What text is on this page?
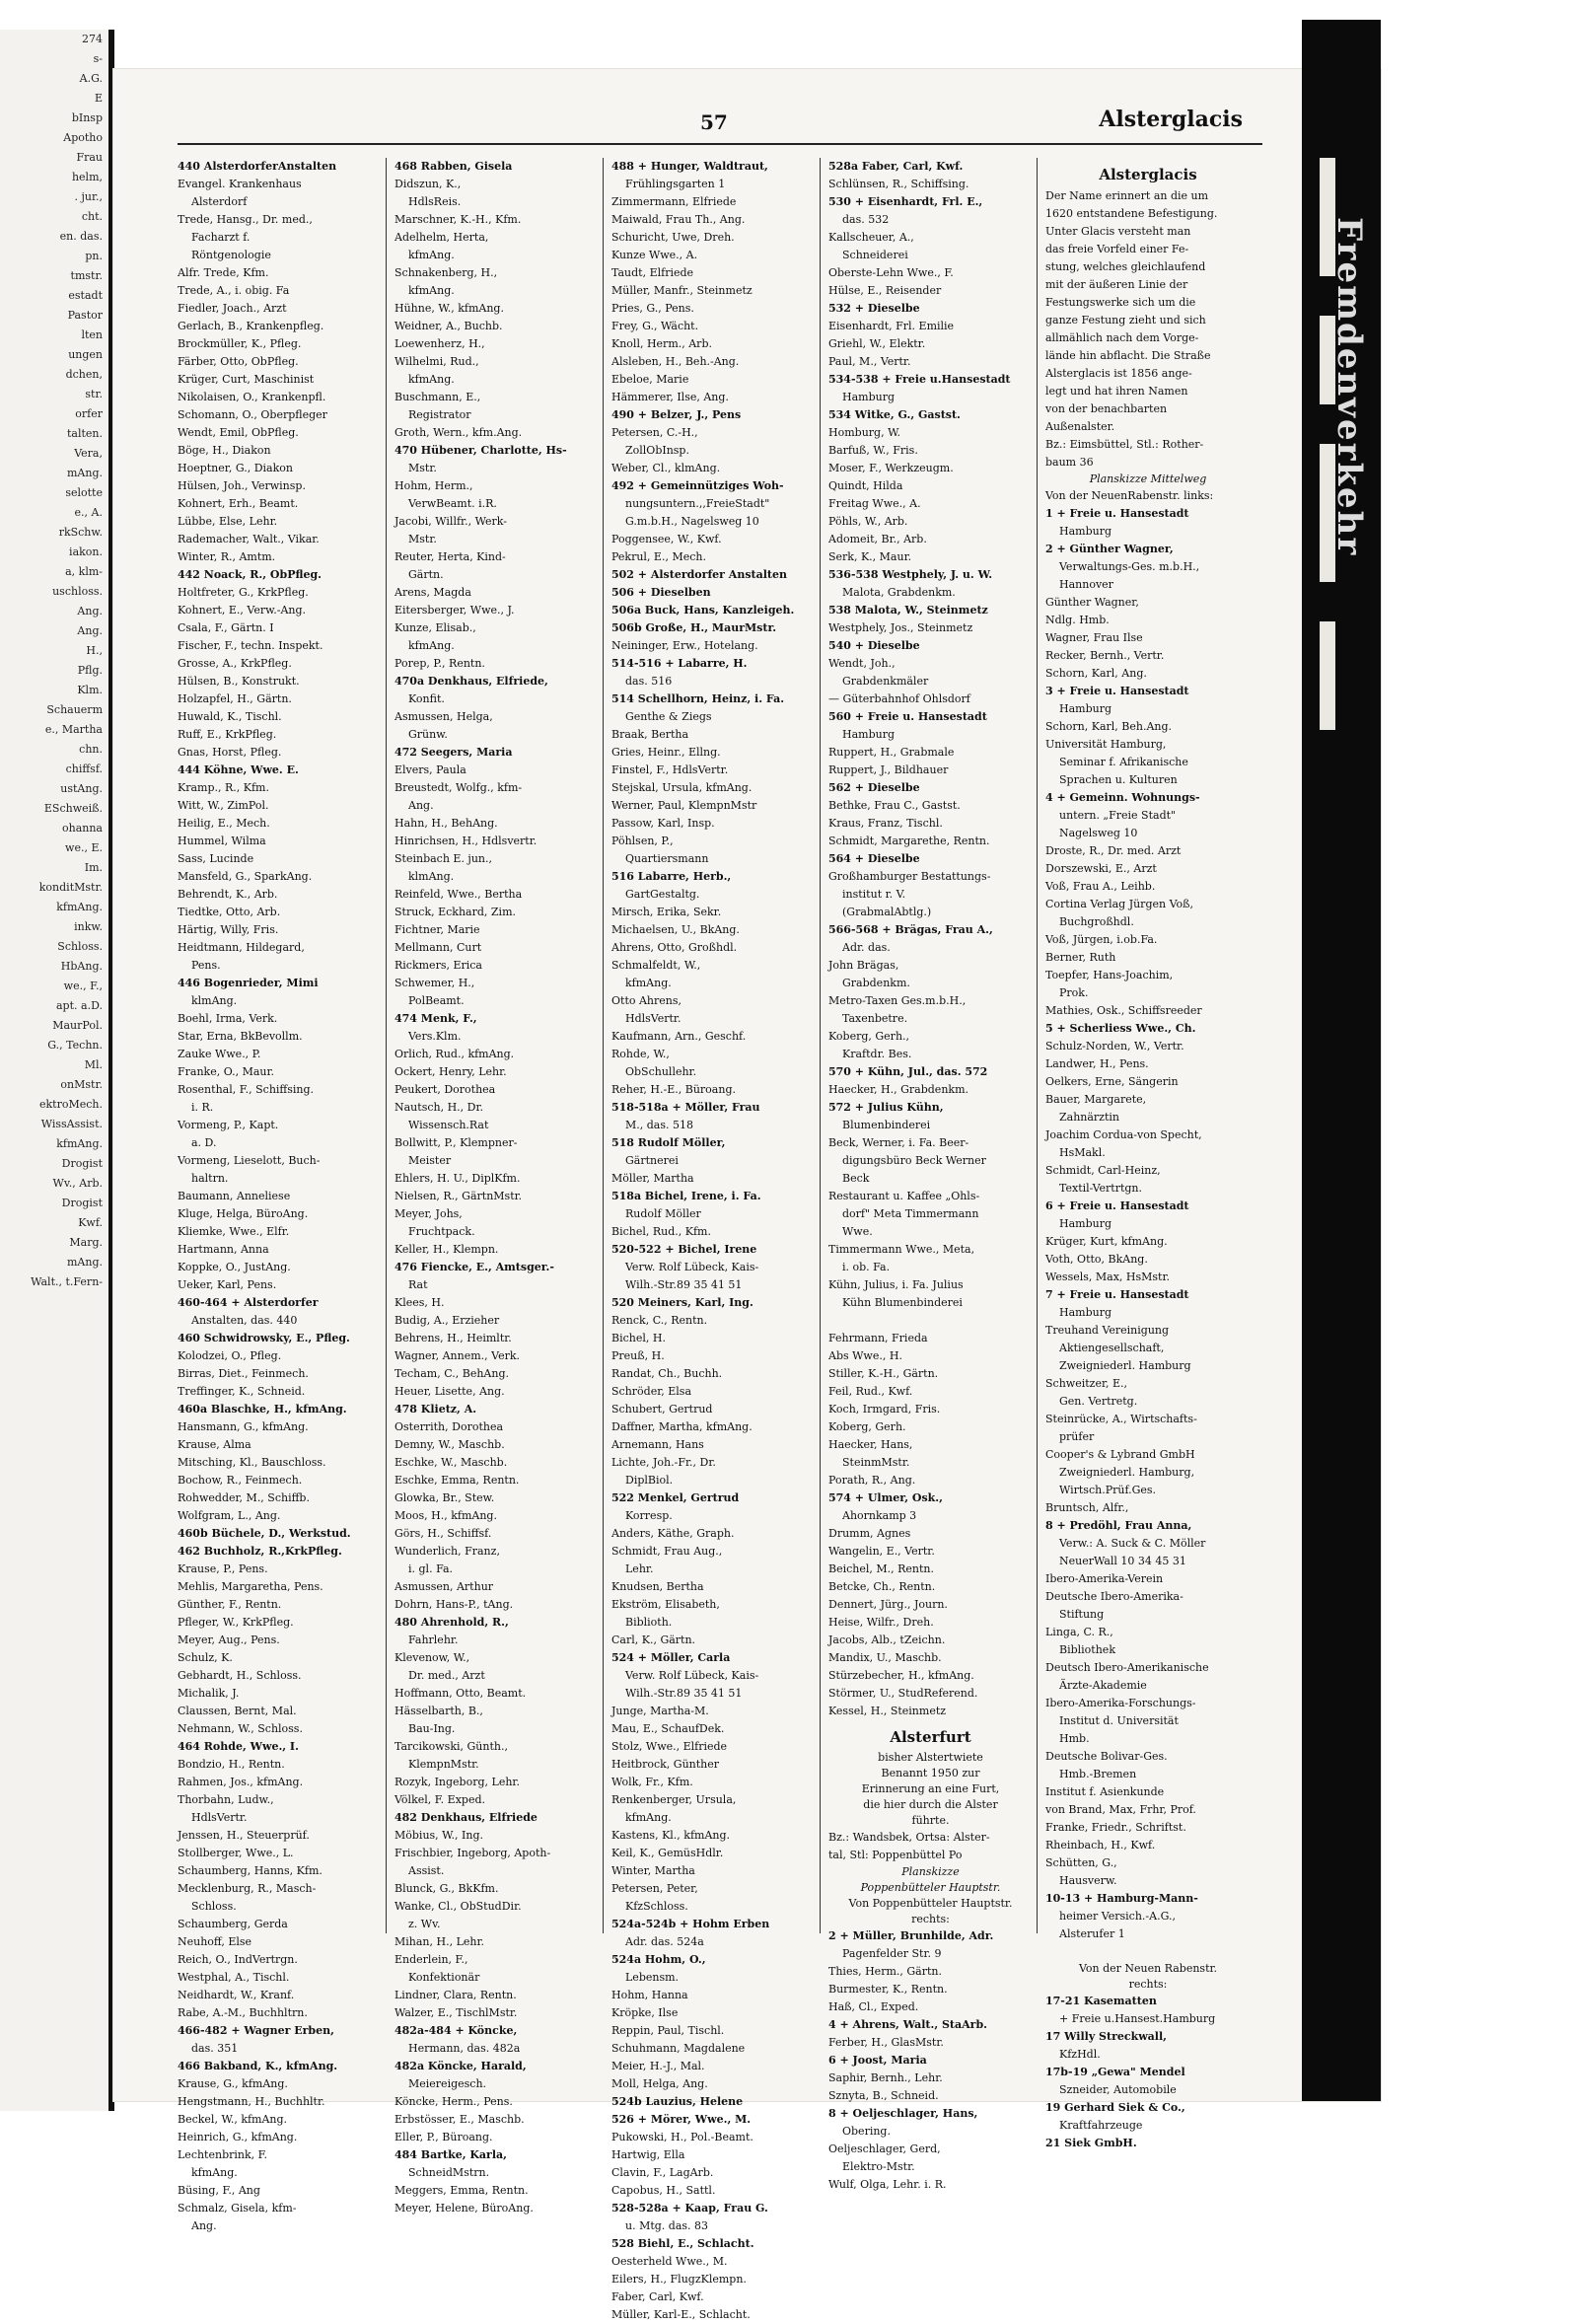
274
s-
A.G.
E
bInsp
Apotho
Frau
helm,
. jur.,
cht.
en. das.
pn.
tmstr.
estadt
Pastor
lten
ungen
dchen,
str.
orfer
talten.
Vera,
mAng.
selotte
e., A.
rkSchw.
iakon.
a, klm-
uschloss.
Ang.
Ang.
H.,
Pflg.
Klm.
Schauerm
e., Martha
chn.
chiffsf.
ustAng.
ESchweiß.
ohanna
we., E.
Im.
konditMstr.
kfmAng.
inkw.
Schloss.
HbAng.
we., F.,
apt. a.D.
MaurPol.
G., Techn.
Ml.
onMstr.
ektroMech.
WissAssist.
kfmAng.
Drogist
Wv., Arb.
Drogist
Kwf.
Marg.
mAng.
Walt., t.Fern-
Fremdenverkehr
57	Alsterglacis
440 AlsterdorferAnstalten
Evangel. Krankenhaus
Alsterdorf
Trede, Hansg., Dr. med.,
Facharzt f.
Röntgenologie
Alfr. Trede, Kfm.
Trede, A., i. obig. Fa
Fiedler, Joach., Arzt
Gerlach, B., Krankenpfleg.
Brockmüller, K., Pfleg.
Färber, Otto, ObPfleg.
Krüger, Curt, Maschinist
Nikolaisen, O., Krankenpfl.
Schomann, O., Oberpfleger
Wendt, Emil, ObPfleg.
Böge, H., Diakon
Hoeptner, G., Diakon
Hülsen, Joh., Verwinsp.
Kohnert, Erh., Beamt.
Lübbe, Else, Lehr.
Rademacher, Walt., Vikar.
Winter, R., Amtm.
442 Noack, R., ObPfleg.
Holtfreter, G., KrkPfleg.
Kohnert, E., Verw.-Ang.
Csala, F., Gärtn. I
Fischer, F., techn. Inspekt.
Grosse, A., KrkPfleg.
Hülsen, B., Konstrukt.
Holzapfel, H., Gärtn.
Huwald, K., Tischl.
Ruff, E., KrkPfleg.
Gnas, Horst, Pfleg.
444 Köhne, Wwe. E.
Kramp., R., Kfm.
Witt, W., ZimPol.
Heilig, E., Mech.
Hummel, Wilma
Sass, Lucinde
Mansfeld, G., SparkAng.
Behrendt, K., Arb.
Tiedtke, Otto, Arb.
Härtig, Willy, Fris.
Heidtmann, Hildegard,
Pens.
446 Bogenrieder, Mimi
klmAng.
Boehl, Irma, Verk.
Star, Erna, BkBevollm.
Zauke Wwe., P.
Franke, O., Maur.
Rosenthal, F., Schiffsing.
i. R.
Vormeng, P., Kapt.
a. D.
Vormeng, Lieselott, Buch-
haltrn.
Baumann, Anneliese
Kluge, Helga, BüroAng.
Kliemke, Wwe., Elfr.
Hartmann, Anna
Koppke, O., JustAng.
Ueker, Karl, Pens.
460-464 + Alsterdorfer
Anstalten, das. 440
460 Schwidrowsky, E., Pfleg.
Kolodzei, O., Pfleg.
Birras, Diet., Feinmech.
Treffinger, K., Schneid.
460a Blaschke, H., kfmAng.
Hansmann, G., kfmAng.
Krause, Alma
Mitsching, Kl., Bauschloss.
Bochow, R., Feinmech.
Rohwedder, M., Schiffb.
Wolfgram, L., Ang.
460b Büchele, D., Werkstud.
462 Buchholz, R.,KrkPfleg.
Krause, P., Pens.
Mehlis, Margaretha, Pens.
Günther, F., Rentn.
Pfleger, W., KrkPfleg.
Meyer, Aug., Pens.
Schulz, K.
Gebhardt, H., Schloss.
Michalik, J.
Claussen, Bernt, Mal.
Nehmann, W., Schloss.
464 Rohde, Wwe., I.
Bondzio, H., Rentn.
Rahmen, Jos., kfmAng.
Thorbahn, Ludw.,
HdlsVertr.
Jenssen, H., Steuerprüf.
Stollberger, Wwe., L.
Schaumberg, Hanns, Kfm.
Mecklenburg, R., Masch-
Schloss.
Schaumberg, Gerda
Neuhoff, Else
Reich, O., IndVertrgn.
Westphal, A., Tischl.
Neidhardt, W., Kranf.
Rabe, A.-M., Buchhltrn.
466-482 + Wagner Erben,
das. 351
466 Bakband, K., kfmAng.
Krause, G., kfmAng.
Hengstmann, H., Buchhltr.
Beckel, W., kfmAng.
Heinrich, G., kfmAng.
Lechtenbrink, F.
kfmAng.
Büsing, F., Ang
Schmalz, Gisela, kfm-
Ang.
468 Rabben, Gisela
Didszun, K.,
HdlsReis.
Marschner, K.-H., Kfm.
Adelhelm, Herta,
kfmAng.
Schnakenberg, H.,
kfmAng.
Hühne, W., kfmAng.
Weidner, A., Buchb.
Loewenherz, H.,
Wilhelmi, Rud.,
kfmAng.
Buschmann, E.,
Registrator
Groth, Wern., kfm.Ang.
470 Hübener, Charlotte, Hs-
Mstr.
Hohm, Herm.,
VerwBeamt. i.R.
Jacobi, Willfr., Werk-
Mstr.
Reuter, Herta, Kind-
Gärtn.
Arens, Magda
Eitersberger, Wwe., J.
Kunze, Elisab.,
kfmAng.
Porep, P., Rentn.
470a Denkhaus, Elfriede,
Konfit.
Asmussen, Helga,
Grünw.
472 Seegers, Maria
Elvers, Paula
Breustedt, Wolfg., kfm-
Ang.
Hahn, H., BehAng.
Hinrichsen, H., Hdlsvertr.
Steinbach E. jun.,
klmAng.
Reinfeld, Wwe., Bertha
Struck, Eckhard, Zim.
Fichtner, Marie
Mellmann, Curt
Rickmers, Erica
Schwemer, H.,
PolBeamt.
474 Menk, F.,
Vers.Klm.
Orlich, Rud., kfmAng.
Ockert, Henry, Lehr.
Peukert, Dorothea
Nautsch, H., Dr.
Wissensch.Rat
Bollwitt, P., Klempner-
Meister
Ehlers, H. U., DiplKfm.
Nielsen, R., GärtnMstr.
Meyer, Johs,
Fruchtpack.
Keller, H., Klempn.
476 Fiencke, E., Amtsger.-
Rat
Klees, H.
Budig, A., Erzieher
Behrens, H., Heimltr.
Wagner, Annem., Verk.
Techam, C., BehAng.
Heuer, Lisette, Ang.
478 Klietz, A.
Osterrith, Dorothea
Demny, W., Maschb.
Eschke, W., Maschb.
Eschke, Emma, Rentn.
Glowka, Br., Stew.
Moos, H., kfmAng.
Görs, H., Schiffsf.
Wunderlich, Franz,
i. gl. Fa.
Asmussen, Arthur
Dohrn, Hans-P., tAng.
480 Ahrenhold, R.,
Fahrlehr.
Klevenow, W.,
Dr. med., Arzt
Hoffmann, Otto, Beamt.
Hässelbarth, B.,
Bau-Ing.
Tarcikowski, Günth.,
KlempnMstr.
Rozyk, Ingeborg, Lehr.
Völkel, F. Exped.
482 Denkhaus, Elfriede
Möbius, W., Ing.
Frischbier, Ingeborg, Apoth-
Assist.
Blunck, G., BkKfm.
Wanke, Cl., ObStudDir.
z. Wv.
Mihan, H., Lehr.
Enderlein, F.,
Konfektionär
Lindner, Clara, Rentn.
Walzer, E., TischlMstr.
482a-484 + Köncke,
Hermann, das. 482a
482a Köncke, Harald,
Meiereigesch.
Köncke, Herm., Pens.
Erbstösser, E., Maschb.
Eller, P., Büroang.
484 Bartke, Karla,
SchneidMstrn.
Meggers, Emma, Rentn.
Meyer, Helene, BüroAng.
488 + Hunger, Waldtraut,
Frühlingsgarten 1
Zimmermann, Elfriede
Maiwald, Frau Th., Ang.
Schuricht, Uwe, Dreh.
Kunze Wwe., A.
Taudt, Elfriede
Müller, Manfr., Steinmetz
Pries, G., Pens.
Frey, G., Wächt.
Knoll, Herm., Arb.
Alsleben, H., Beh.-Ang.
Ebeloe, Marie
Hämmerer, Ilse, Ang.
490 + Belzer, J., Pens
Petersen, C.-H.,
ZollObInsp.
Weber, Cl., klmAng.
492 + Gemeinnütziges Woh-
nungsuntern.,,FreieStadt"
G.m.b.H., Nagelsweg 10
Poggensee, W., Kwf.
Pekrul, E., Mech.
502 + Alsterdorfer Anstalten
506 + Dieselben
506a Buck, Hans, Kanzleigeh.
506b Große, H., MaurMstr.
Neininger, Erw., Hotelang.
514-516 + Labarre, H.
das. 516
514 Schellhorn, Heinz, i. Fa.
Genthe & Ziegs
Braak, Bertha
Gries, Heinr., Ellng.
Finstel, F., HdlsVertr.
Stejskal, Ursula, kfmAng.
Werner, Paul, KlempnMstr
Passow, Karl, Insp.
Pöhlsen, P.,
Quartiersmann
516 Labarre, Herb.,
GartGestaltg.
Mirsch, Erika, Sekr.
Michaelsen, U., BkAng.
Ahrens, Otto, Großhdl.
Schmalfeldt, W.,
kfmAng.
Otto Ahrens,
HdlsVertr.
Kaufmann, Arn., Geschf.
Rohde, W.,
ObSchullehr.
Reher, H.-E., Büroang.
518-518a + Möller, Frau
M., das. 518
518 Rudolf Möller,
Gärtnerei
Möller, Martha
518a Bichel, Irene, i. Fa.
Rudolf Möller
Bichel, Rud., Kfm.
520-522 + Bichel, Irene
Verw. Rolf Lübeck, Kais-
Wilh.-Str.89 35 41 51
520 Meiners, Karl, Ing.
Renck, C., Rentn.
Bichel, H.
Preuß, H.
Randat, Ch., Buchh.
Schröder, Elsa
Schubert, Gertrud
Daffner, Martha, kfmAng.
Arnemann, Hans
Lichte, Joh.-Fr., Dr.
DiplBiol.
522 Menkel, Gertrud
Korresp.
Anders, Käthe, Graph.
Schmidt, Frau Aug.,
Lehr.
Knudsen, Bertha
Ekström, Elisabeth,
Biblioth.
Carl, K., Gärtn.
524 + Möller, Carla
Verw. Rolf Lübeck, Kais-
Wilh.-Str.89 35 41 51
Junge, Martha-M.
Mau, E., SchaufDek.
Stolz, Wwe., Elfriede
Heitbrock, Günther
Wolk, Fr., Kfm.
Renkenberger, Ursula,
kfmAng.
Kastens, Kl., kfmAng.
Keil, K., GemüsHdlr.
Winter, Martha
Petersen, Peter,
KfzSchloss.
524a-524b + Hohm Erben
Adr. das. 524a
524a Hohm, O.,
Lebensm.
Hohm, Hanna
Kröpke, Ilse
Reppin, Paul, Tischl.
Schuhmann, Magdalene
Meier, H.-J., Mal.
Moll, Helga, Ang.
524b Lauzius, Helene
526 + Mörer, Wwe., M.
Pukowski, H., Pol.-Beamt.
Hartwig, Ella
Clavin, F., LagArb.
Capobus, H., Sattl.
528-528a + Kaap, Frau G.
u. Mtg. das. 83
528 Biehl, E., Schlacht.
Oesterheld Wwe., M.
Eilers, H., FlugzKlempn.
Faber, Carl, Kwf.
Müller, Karl-E., Schlacht.
528a Faber, Carl, Kwf.
Schlünsen, R., Schiffsing.
530 + Eisenhardt, Frl. E.,
das. 532
Kallscheuer, A.,
Schneiderei
Oberste-Lehn Wwe., F.
Hülse, E., Reisender
532 + Dieselbe
Eisenhardt, Frl. Emilie
Griehl, W., Elektr.
Paul, M., Vertr.
534-538 + Freie u.Hansestadt
Hamburg
534 Witke, G., Gastst.
Homburg, W.
Barfuß, W., Fris.
Moser, F., Werkzeugm.
Quindt, Hilda
Freitag Wwe., A.
Pöhls, W., Arb.
Adomeit, Br., Arb.
Serk, K., Maur.
536-538 Westphely, J. u. W.
Malota, Grabdenkm.
538 Malota, W., Steinmetz
Westphely, Jos., Steinmetz
540 + Dieselbe
Wendt, Joh.,
Grabdenkmäler
— Güterbahnhof Ohlsdorf
560 + Freie u. Hansestadt
Hamburg
Ruppert, H., Grabmale
Ruppert, J., Bildhauer
562 + Dieselbe
Bethke, Frau C., Gastst.
Kraus, Franz, Tischl.
Schmidt, Margarethe, Rentn.
564 + Dieselbe
Großhamburger Bestattungs-
institut r. V.
(GrabmalAbtlg.)
566-568 + Brägas, Frau A.,
Adr. das.
John Brägas,
Grabdenkm.
Metro-Taxen Ges.m.b.H.,
Taxenbetre.
Koberg, Gerh.,
Kraftdr. Bes.
570 + Kühn, Jul., das. 572
Haecker, H., Grabdenkm.
572 + Julius Kühn,
Blumenbinderei
Beck, Werner, i. Fa. Beer-
digungsbüro Beck Werner
Beck
Restaurant u. Kaffee „Ohls-
dorf" Meta Timmermann
Wwe.
Timmermann Wwe., Meta,
i. ob. Fa.
Kühn, Julius, i. Fa. Julius
Kühn Blumenbinderei

Fehrmann, Frieda
Abs Wwe., H.
Stiller, K.-H., Gärtn.
Feil, Rud., Kwf.
Koch, Irmgard, Fris.
Koberg, Gerh.
Haecker, Hans,
SteinmMstr.
Porath, R., Ang.
574 + Ulmer, Osk.,
Ahornkamp 3
Drumm, Agnes
Wangelin, E., Vertr.
Beichel, M., Rentn.
Betcke, Ch., Rentn.
Dennert, Jürg., Journ.
Heise, Wilfr., Dreh.
Jacobs, Alb., tZeichn.
Mandix, U., Maschb.
Stürzebecher, H., kfmAng.
Störmer, U., StudReferend.
Kessel, H., Steinmetz
Alsterfurt
bisher Alstertwiete
Benannt 1950 zur
Erinnerung an eine Furt,
die hier durch die Alster
führte.
Bz.: Wandsbek, Ortsa: Alster-
tal, Stl: Poppenbüttel Po
Planskizze
Poppenbütteler Hauptstr.
Von Poppenbütteler Hauptstr.
rechts:
2 + Müller, Brunhilde, Adr.
Pagenfelder Str. 9
Thies, Herm., Gärtn.
Burmester, K., Rentn.
Haß, Cl., Exped.
4 + Ahrens, Walt., StaArb.
Ferber, H., GlasMstr.
6 + Joost, Maria
Saphir, Bernh., Lehr.
Sznyta, B., Schneid.
8 + Oeljeschlager, Hans,
Obering.
Oeljeschlager, Gerd,
Elektro-Mstr.
Wulf, Olga, Lehr. i. R.
Alsterglacis
Der Name erinnert an die um
1620 entstandene Befestigung.
Unter Glacis versteht man
das freie Vorfeld einer Fe-
stung, welches gleichlaufend
mit der äußeren Linie der
Festungswerke sich um die
ganze Festung zieht und sich
allmählich nach dem Vorge-
lände hin abflacht. Die Straße
Alsterglacis ist 1856 ange-
legt und hat ihren Namen
von der benachbarten
Außenalster.
Bz.: Eimsbüttel, Stl.: Rother-
baum 36
Planskizze Mittelweg
Von der NeuenRabenstr. links:
1 + Freie u. Hansestadt
Hamburg
2 + Günther Wagner,
Verwaltungs-Ges. m.b.H.,
Hannover
Günther Wagner,
Ndlg. Hmb.
Wagner, Frau Ilse
Recker, Bernh., Vertr.
Schorn, Karl, Ang.
3 + Freie u. Hansestadt
Hamburg
Schorn, Karl, Beh.Ang.
Universität Hamburg,
Seminar f. Afrikanische
Sprachen u. Kulturen
4 + Gemeinn. Wohnungs-
untern. „Freie Stadt"
Nagelsweg 10
Droste, R., Dr. med. Arzt
Dorszewski, E., Arzt
Voß, Frau A., Leihb.
Cortina Verlag Jürgen Voß,
Buchgroßhdl.
Voß, Jürgen, i.ob.Fa.
Berner, Ruth
Toepfer, Hans-Joachim,
Prok.
Mathies, Osk., Schiffsreeder
5 + Scherliess Wwe., Ch.
Schulz-Norden, W., Vertr.
Landwer, H., Pens.
Oelkers, Erne, Sängerin
Bauer, Margarete,
Zahnärztin
Joachim Cordua-von Specht,
HsMakl.
Schmidt, Carl-Heinz,
Textil-Vertrtgn.
6 + Freie u. Hansestadt
Hamburg
Krüger, Kurt, kfmAng.
Voth, Otto, BkAng.
Wessels, Max, HsMstr.
7 + Freie u. Hansestadt
Hamburg
Treuhand Vereinigung
Aktiengesellschaft,
Zweigniederl. Hamburg
Schweitzer, E.,
Gen. Vertretg.
Steinrücke, A., Wirtschafts-
prüfer
Cooper's & Lybrand GmbH
Zweigniederl. Hamburg,
Wirtsch.Prüf.Ges.
Bruntsch, Alfr.,
8 + Predöhl, Frau Anna,
Verw.: A. Suck & C. Möller
NeuerWall 10 34 45 31
Ibero-Amerika-Verein
Deutsche Ibero-Amerika-
Stiftung
Linga, C. R.,
Bibliothek
Deutsch Ibero-Amerikanische
Ärzte-Akademie
Ibero-Amerika-Forschungs-
Institut d. Universität
Hmb.
Deutsche Bolivar-Ges.
Hmb.-Bremen
Institut f. Asienkunde
von Brand, Max, Frhr, Prof.
Franke, Friedr., Schriftst.
Rheinbach, H., Kwf.
Schütten, G.,
Hausverw.
10-13 + Hamburg-Mann-
heimer Versich.-A.G.,
Alsterufer 1

Von der Neuen Rabenstr.
rechts:
17-21 Kasematten
+ Freie u.Hansest.Hamburg
17 Willy Streckwall,
KfzHdl.
17b-19 „Gewa" Mendel
Szneider, Automobile
19 Gerhard Siek & Co.,
Kraftfahrzeuge
21 Siek GmbH.
